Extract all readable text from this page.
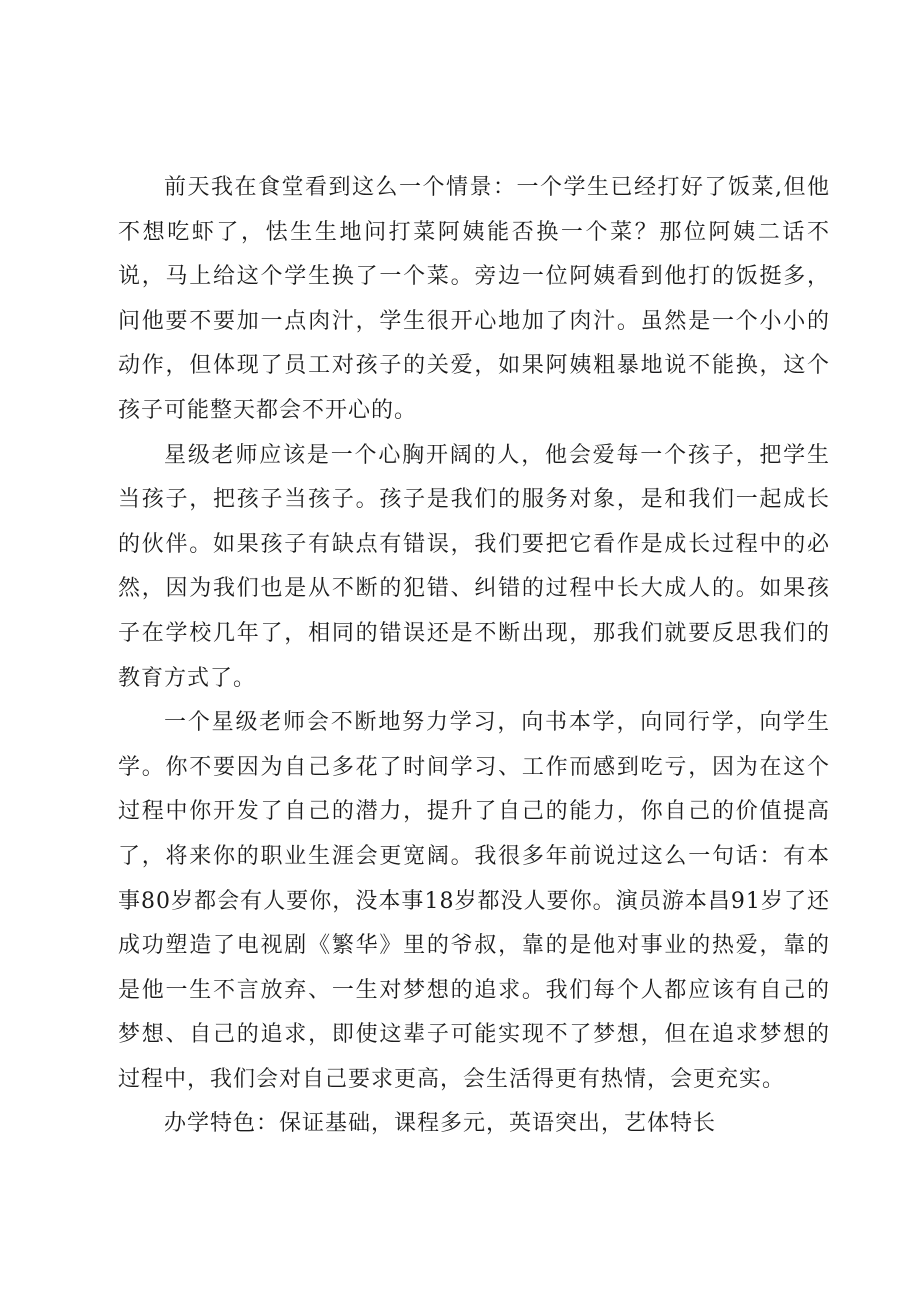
前天我在食堂看到这么一个情景：一个学生已经打好了饭菜,但他不想吃虾了，怯生生地问打菜阿姨能否换一个菜？那位阿姨二话不说，马上给这个学生换了一个菜。旁边一位阿姨看到他打的饭挺多，问他要不要加一点肉汁，学生很开心地加了肉汁。虽然是一个小小的动作，但体现了员工对孩子的关爱，如果阿姨粗暴地说不能换，这个孩子可能整天都会不开心的。

星级老师应该是一个心胸开阔的人，他会爱每一个孩子，把学生当孩子，把孩子当孩子。孩子是我们的服务对象，是和我们一起成长的伙伴。如果孩子有缺点有错误，我们要把它看作是成长过程中的必然，因为我们也是从不断的犯错、纠错的过程中长大成人的。如果孩子在学校几年了，相同的错误还是不断出现，那我们就要反思我们的教育方式了。

一个星级老师会不断地努力学习，向书本学，向同行学，向学生学。你不要因为自己多花了时间学习、工作而感到吃亏，因为在这个过程中你开发了自己的潜力，提升了自己的能力，你自己的价值提高了，将来你的职业生涯会更宽阔。我很多年前说过这么一句话：有本事80岁都会有人要你，没本事18岁都没人要你。演员游本昌91岁了还成功塑造了电视剧《繁华》里的爷叔，靠的是他对事业的热爱，靠的是他一生不言放弃、一生对梦想的追求。我们每个人都应该有自己的梦想、自己的追求，即使这辈子可能实现不了梦想，但在追求梦想的过程中，我们会对自己要求更高，会生活得更有热情，会更充实。

办学特色：保证基础，课程多元，英语突出，艺体特长
